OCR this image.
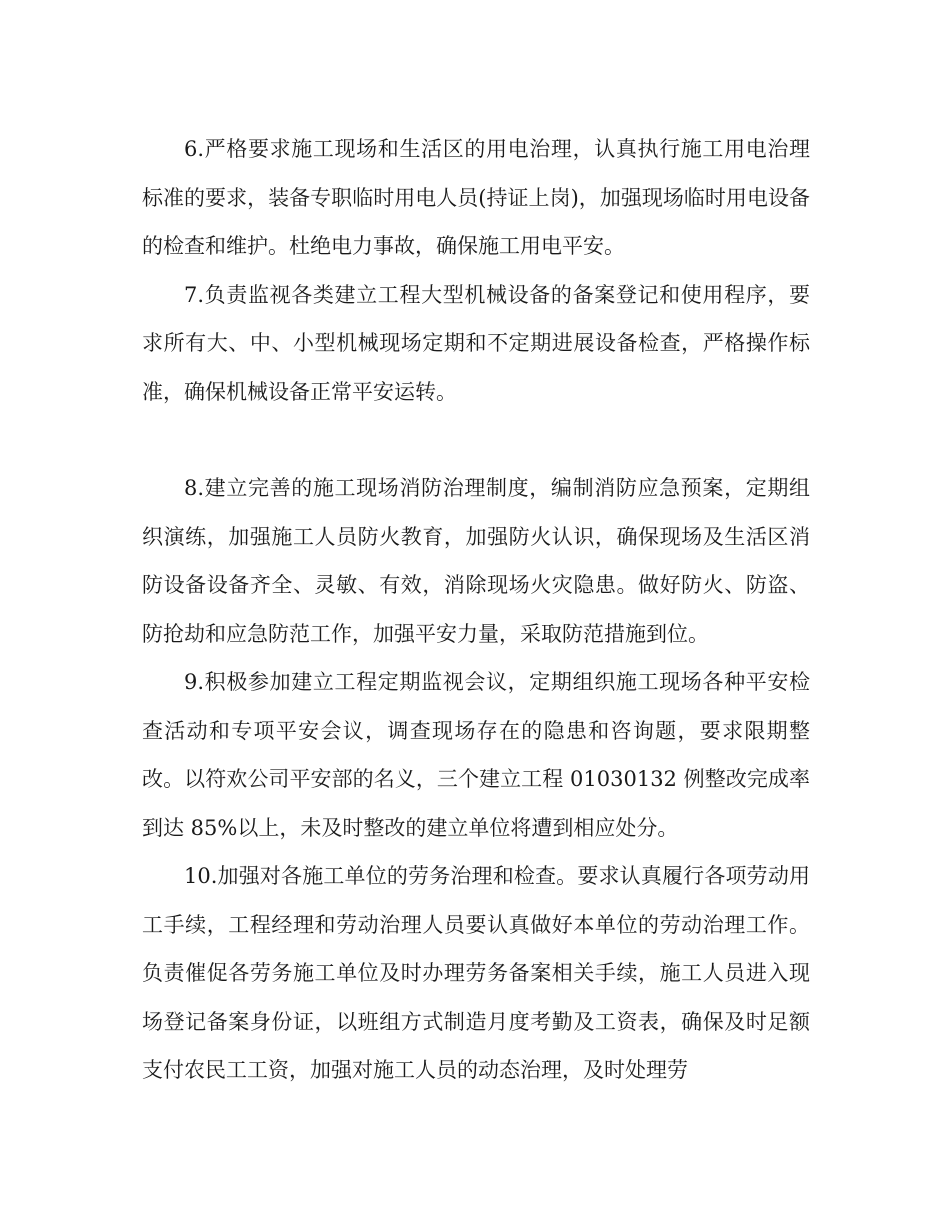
6.严格要求施工现场和生活区的用电治理，认真执行施工用电治理标准的要求，装备专职临时用电人员(持证上岗)，加强现场临时用电设备的检查和维护。杜绝电力事故，确保施工用电平安。

7.负责监视各类建立工程大型机械设备的备案登记和使用程序，要求所有大、中、小型机械现场定期和不定期进展设备检查，严格操作标准，确保机械设备正常平安运转。

8.建立完善的施工现场消防治理制度，编制消防应急预案，定期组织演练，加强施工人员防火教育，加强防火认识，确保现场及生活区消防设备设备齐全、灵敏、有效，消除现场火灾隐患。做好防火、防盗、防抢劫和应急防范工作，加强平安力量，采取防范措施到位。

9.积极参加建立工程定期监视会议，定期组织施工现场各种平安检查活动和专项平安会议，调查现场存在的隐患和咨询题，要求限期整改。以符欢公司平安部的名义，三个建立工程 01030132 例整改完成率到达 85%以上，未及时整改的建立单位将遭到相应处分。

10.加强对各施工单位的劳务治理和检查。要求认真履行各项劳动用工手续，工程经理和劳动治理人员要认真做好本单位的劳动治理工作。负责催促各劳务施工单位及时办理劳务备案相关手续，施工人员进入现场登记备案身份证，以班组方式制造月度考勤及工资表，确保及时足额支付农民工工资，加强对施工人员的动态治理，及时处理劳
